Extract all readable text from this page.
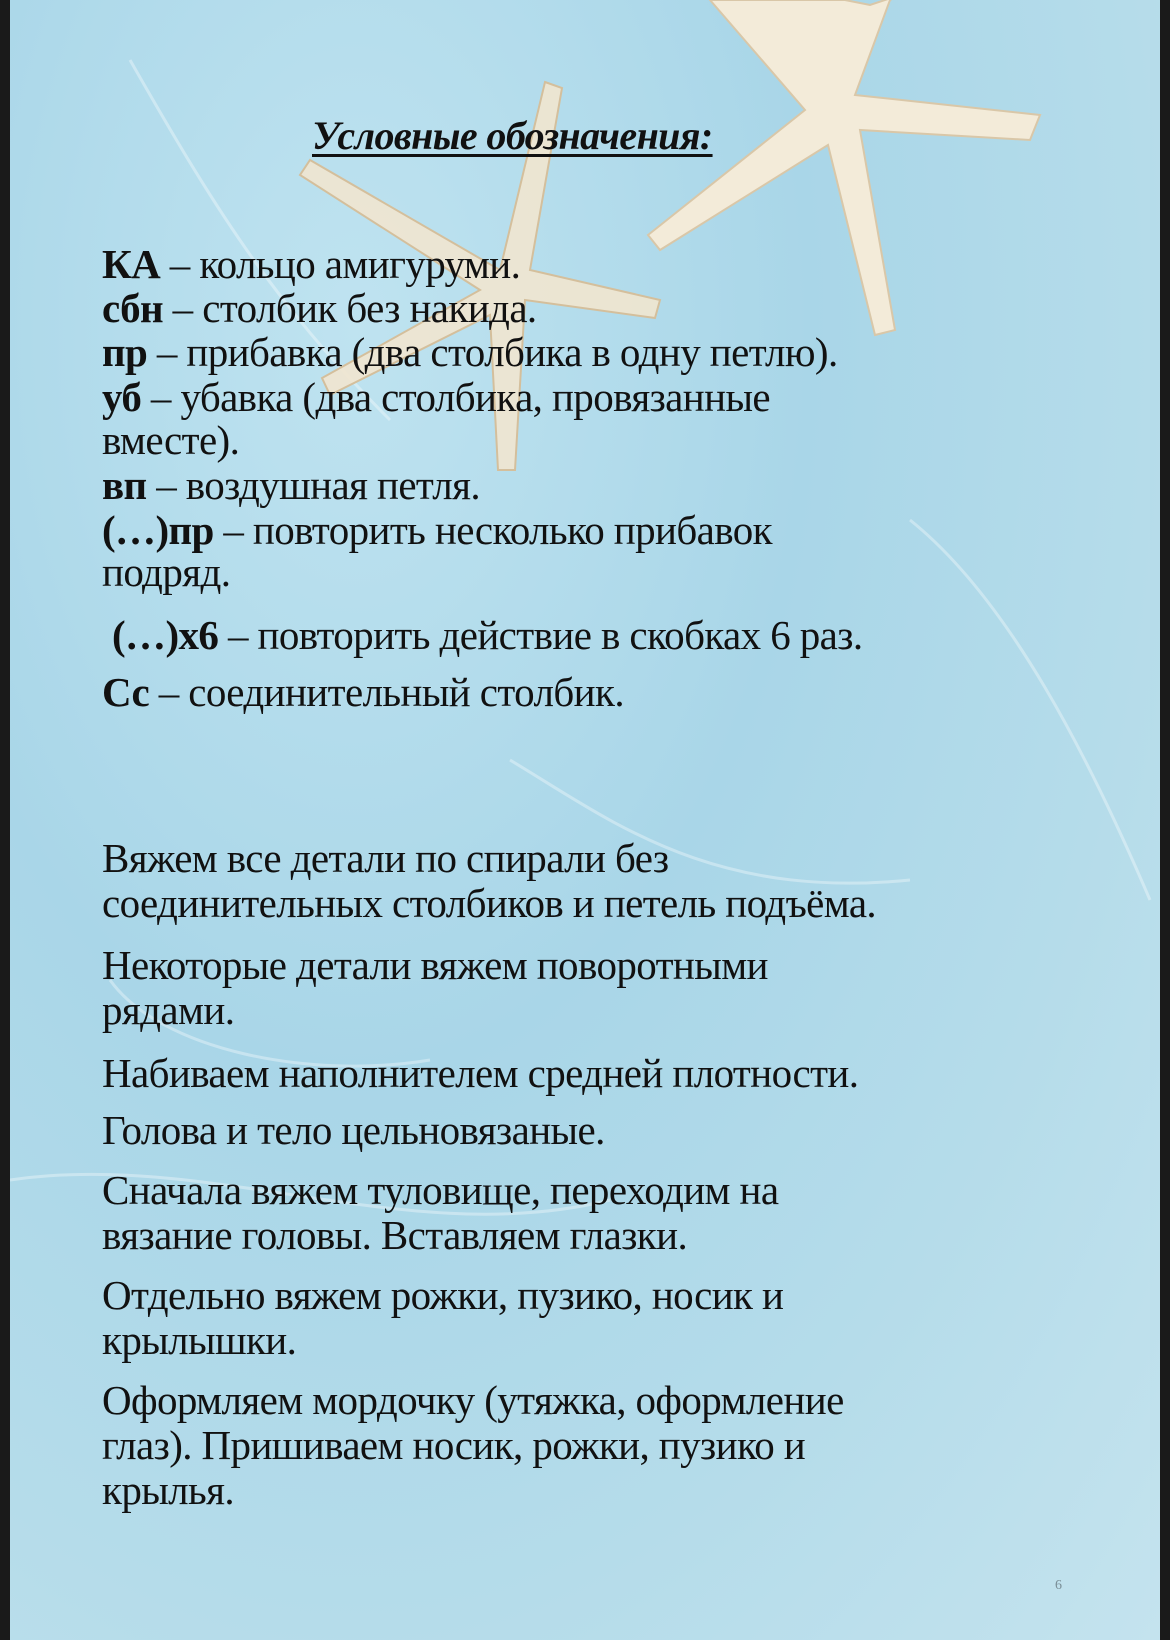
Условные обозначения:
КА – кольцо амигуруми.
сбн – столбик без накида.
пр – прибавка (два столбика в одну петлю).
уб – убавка (два столбика, провязанные
вместе).
вп – воздушная петля.
(…)пр – повторить несколько прибавок
подряд.
(…)х6 – повторить действие в скобках 6 раз.
Сс – соединительный столбик.
Вяжем все детали по спирали без
соединительных столбиков и петель подъёма.
Некоторые детали вяжем поворотными
рядами.
Набиваем наполнителем средней плотности.
Голова и тело цельновязаные.
Сначала вяжем туловище, переходим на
вязание головы. Вставляем глазки.
Отдельно вяжем рожки, пузико, носик и
крылышки.
Оформляем мордочку (утяжка, оформление
глаз). Пришиваем носик, рожки, пузико и
крылья.
6
